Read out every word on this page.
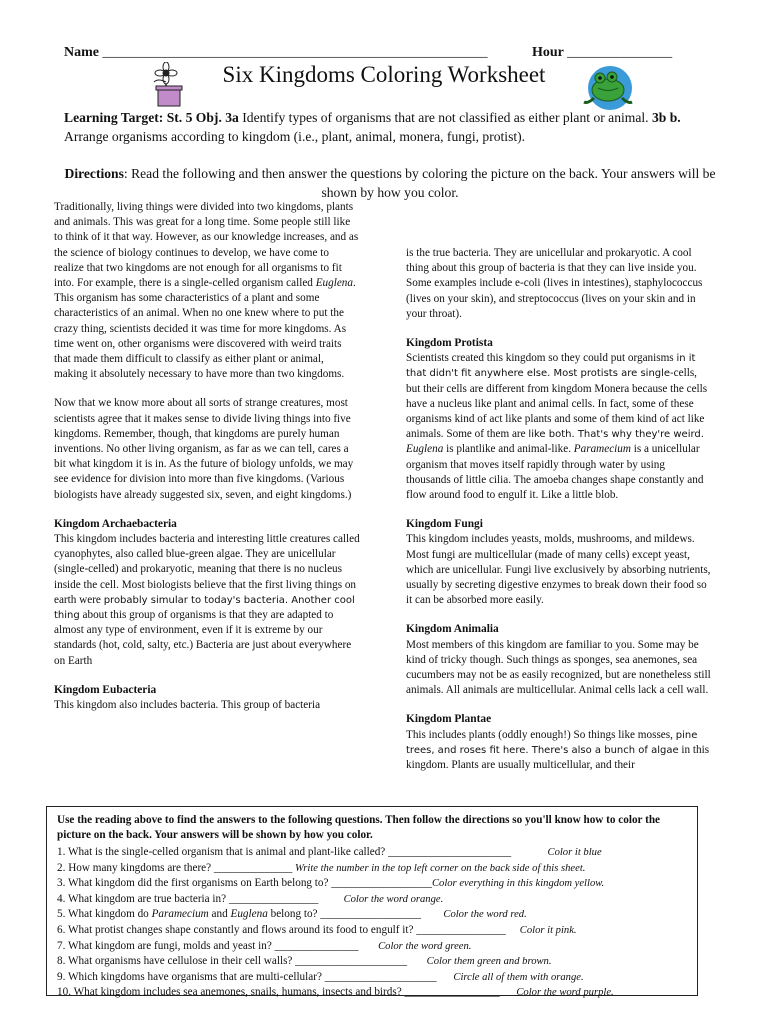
Name _______________________________________________________	Hour _______________
Six Kingdoms Coloring Worksheet
Learning Target: St. 5 Obj. 3a Identify types of organisms that are not classified as either plant or animal. 3b b. Arrange organisms according to kingdom (i.e., plant, animal, monera, fungi, protist).
Directions: Read the following and then answer the questions by coloring the picture on the back. Your answers will be shown by how you color.

Traditionally, living things were divided into two kingdoms, plants and animals. This was great for a long time. Some people still like to think of it that way. However, as our knowledge increases, and as the science of biology continues to develop, we have come to realize that two kingdoms are not enough for all organisms to fit into. For example, there is a single-celled organism called Euglena. This organism has some characteristics of a plant and some characteristics of an animal. When no one knew where to put the crazy thing, scientists decided it was time for more kingdoms. As time went on, other organisms were discovered with weird traits that made them difficult to classify as either plant or animal, making it absolutely necessary to have more than two kingdoms.

Now that we know more about all sorts of strange creatures, most scientists agree that it makes sense to divide living things into five kingdoms. Remember, though, that kingdoms are purely human inventions. No other living organism, as far as we can tell, cares a bit what kingdom it is in. As the future of biology unfolds, we may see evidence for division into more than five kingdoms. (Various biologists have already suggested six, seven, and eight kingdoms.)

Kingdom Archaebacteria

This kingdom includes bacteria and interesting little creatures called cyanophytes, also called blue-green algae. They are unicellular (single-celled) and prokaryotic, meaning that there is no nucleus inside the cell. Most biologists believe that the first living things on earth were probably simular to today's bacteria. Another cool thing about this group of organisms is that they are adapted to almost any type of environment, even if it is extreme by our standards (hot, cold, salty, etc.) Bacteria are just about everywhere on Earth

Kingdom Eubacteria

This kingdom also includes bacteria. This group of bacteria

is the true bacteria. They are unicellular and prokaryotic. A cool thing about this group of bacteria is that they can live inside you. Some examples include e-coli (lives in intestines), staphylococcus (lives on your skin), and streptococcus (lives on your skin and in your throat).

Kingdom Protista

Scientists created this kingdom so they could put organisms in it that didn't fit anywhere else. Most protists are single-cells, but their cells are different from kingdom Monera because the cells have a nucleus like plant and animal cells. In fact, some of these organisms kind of act like plants and some of them kind of act like animals. Some of them are like both. That's why they're weird. Euglena is plantlike and animal-like. Paramecium is a unicellular organism that moves itself rapidly through water by using thousands of little cilia. The amoeba changes shape constantly and flow around food to engulf it. Like a little blob.

Kingdom Fungi

This kingdom includes yeasts, molds, mushrooms, and mildews. Most fungi are multicellular (made of many cells) except yeast, which are unicellular. Fungi live exclusively by absorbing nutrients, usually by secreting digestive enzymes to break down their food so it can be absorbed more easily.

Kingdom Animalia

Most members of this kingdom are familiar to you. Some may be kind of tricky though. Such things as sponges, sea anemones, sea cucumbers may not be as easily recognized, but are nonetheless still animals. All animals are multicellular. Animal cells lack a cell wall.

Kingdom Plantae

This includes plants (oddly enough!) So things like mosses, pine trees, and roses fit here. There's also a bunch of algae in this kingdom. Plants are usually multicellular, and their

Use the reading above to find the answers to the following questions. Then follow the directions so you'll know how to color the picture on the back. Your answers will be shown by how you color.
1. What is the single-celled organism that is animal and plant-like called? ______________________	Color it blue
2. How many kingdoms are there? ______________ Write the number in the top left corner on the back side of this sheet.
3. What kingdom did the first organisms on Earth belong to? __________________Color everything in this kingdom yellow.
4. What kingdom are true bacteria in? ________________ Color the word orange.
5. What kingdom do Paramecium and Euglena belong to? __________________ Color the word red.
6. What protist changes shape constantly and flows around its food to engulf it? ________________ Color it pink.
7. What kingdom are fungi, molds and yeast in? _______________ Color the word green.
8. What organisms have cellulose in their cell walls? ____________________ Color them green and brown.
9. Which kingdoms have organisms that are multi-cellular? ____________________ Circle all of them with orange.
10. What kingdom includes sea anemones, snails, humans, insects and birds? _________________ Color the word purple.
